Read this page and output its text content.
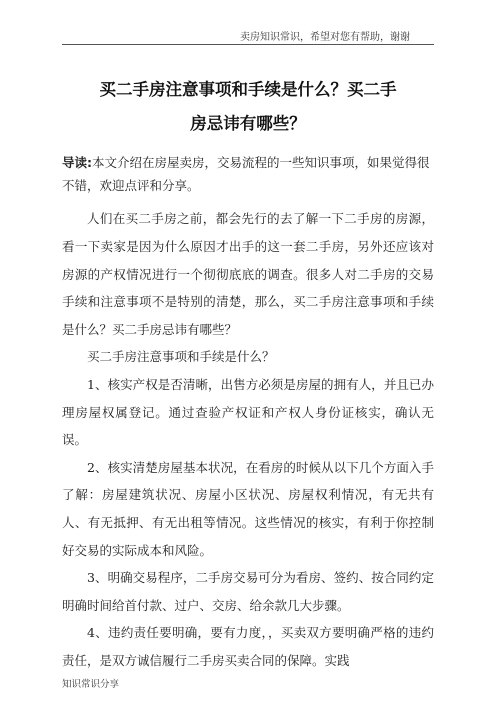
卖房知识常识，希望对您有帮助，谢谢
买二手房注意事项和手续是什么？买二手
房忌讳有哪些？

导读:本文介绍在房屋卖房，交易流程的一些知识事项，如果觉得很不错，欢迎点评和分享。

人们在买二手房之前，都会先行的去了解一下二手房的房源，看一下卖家是因为什么原因才出手的这一套二手房，另外还应该对房源的产权情况进行一个彻彻底底的调查。很多人对二手房的交易手续和注意事项不是特别的清楚，那么，买二手房注意事项和手续是什么？买二手房忌讳有哪些？

买二手房注意事项和手续是什么？

1、核实产权是否清晰，出售方必须是房屋的拥有人，并且已办理房屋权属登记。通过查验产权证和产权人身份证核实，确认无误。

2、核实清楚房屋基本状况，在看房的时候从以下几个方面入手了解：房屋建筑状况、房屋小区状况、房屋权利情况，有无共有人、有无抵押、有无出租等情况。这些情况的核实，有利于你控制好交易的实际成本和风险。

3、明确交易程序，二手房交易可分为看房、签约、按合同约定明确时间给首付款、过户、交房、给余款几大步骤。

4、违约责任要明确，要有力度，，买卖双方要明确严格的违约责任，是双方诚信履行二手房买卖合同的保障。实践

知识常识分享
